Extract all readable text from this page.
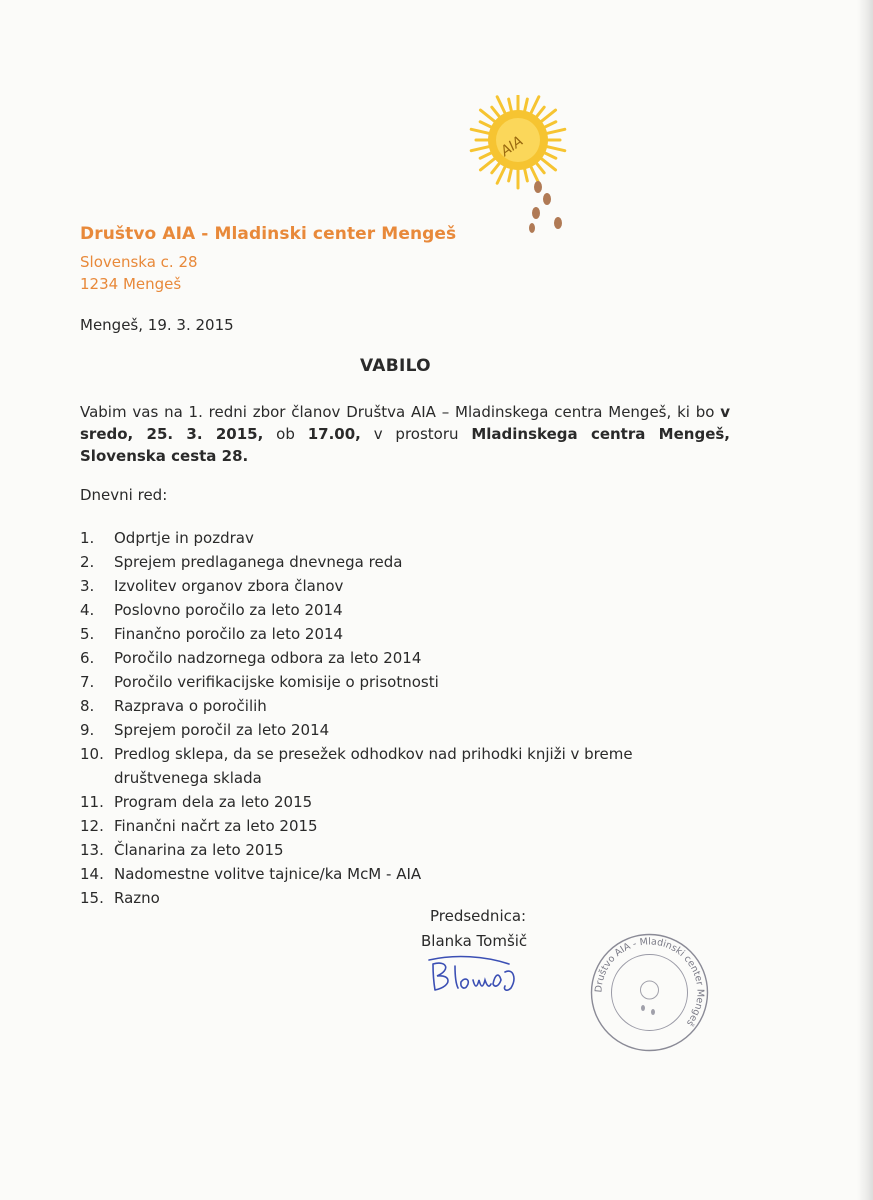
AIA
Društvo AIA - Mladinski center Mengeš
Slovenska c. 28
1234 Mengeš
Mengeš, 19. 3. 2015
VABILO
Vabim vas na 1. redni zbor članov Društva AIA – Mladinskega centra Mengeš, ki bo v sredo, 25. 3. 2015, ob 17.00, v prostoru Mladinskega centra Mengeš, Slovenska cesta 28.
Dnevni red:
1. Odprtje in pozdrav
2. Sprejem predlaganega dnevnega reda
3. Izvolitev organov zbora članov
4. Poslovno poročilo za leto 2014
5. Finančno poročilo za leto 2014
6. Poročilo nadzornega odbora za leto 2014
7. Poročilo verifikacijske komisije o prisotnosti
8. Razprava o poročilih
9. Sprejem poročil za leto 2014
10. Predlog sklepa, da se presežek odhodkov nad prihodki knjiži v breme
društvenega sklada
11. Program dela za leto 2015
12. Finančni načrt za leto 2015
13. Članarina za leto 2015
14. Nadomestne volitve tajnice/ka McM - AIA
15. Razno
Predsednica:
Blanka Tomšič
Društvo AIA - Mladinski center Mengeš
